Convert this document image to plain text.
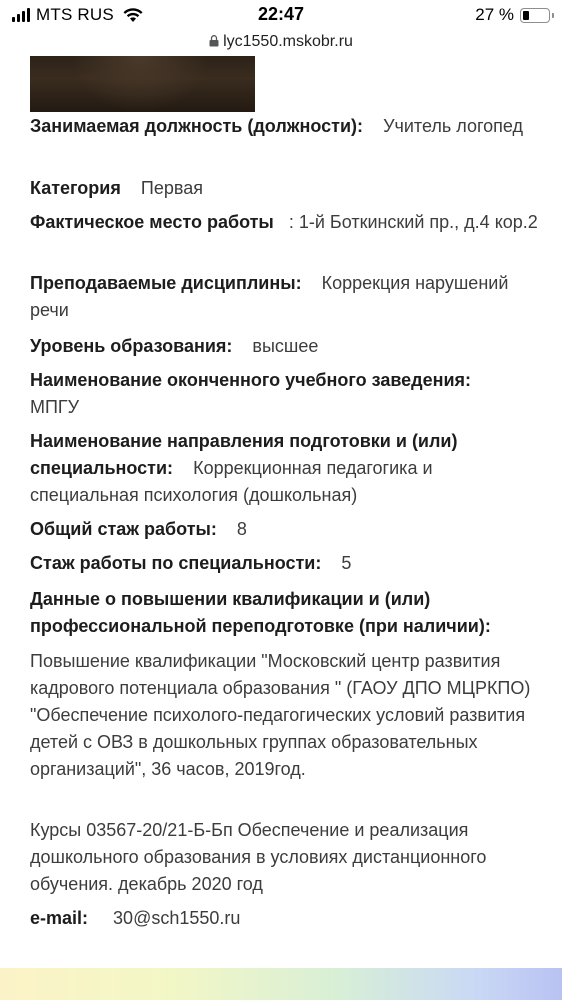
MTS RUS	22:47	27 %
lyc1550.mskobr.ru
Занимаемая должность (должности): Учитель логопед
Категория Первая
Фактическое место работы : 1-й Боткинский пр., д.4 кор.2
Преподаваемые дисциплины: Коррекция нарушений речи
Уровень образования: высшее
Наименование оконченного учебного заведения:
МПГУ
Наименование направления подготовки и (или) специальности: Коррекционная педагогика и специальная психология (дошкольная)
Общий стаж работы: 8
Стаж работы по специальности: 5
Данные о повышении квалификации и (или) профессиональной переподготовке (при наличии):
Повышение квалификации "Московский центр развития кадрового потенциала образования " (ГАОУ ДПО МЦРКПО) "Обеспечение психолого-педагогических условий развития детей с ОВЗ в дошкольных группах образовательных организаций", 36 часов, 2019год.
Курсы 03567-20/21-Б-Бп Обеспечение и реализация дошкольного образования в условиях дистанционного обучения. декабрь 2020 год
e-mail: 30@sch1550.ru
